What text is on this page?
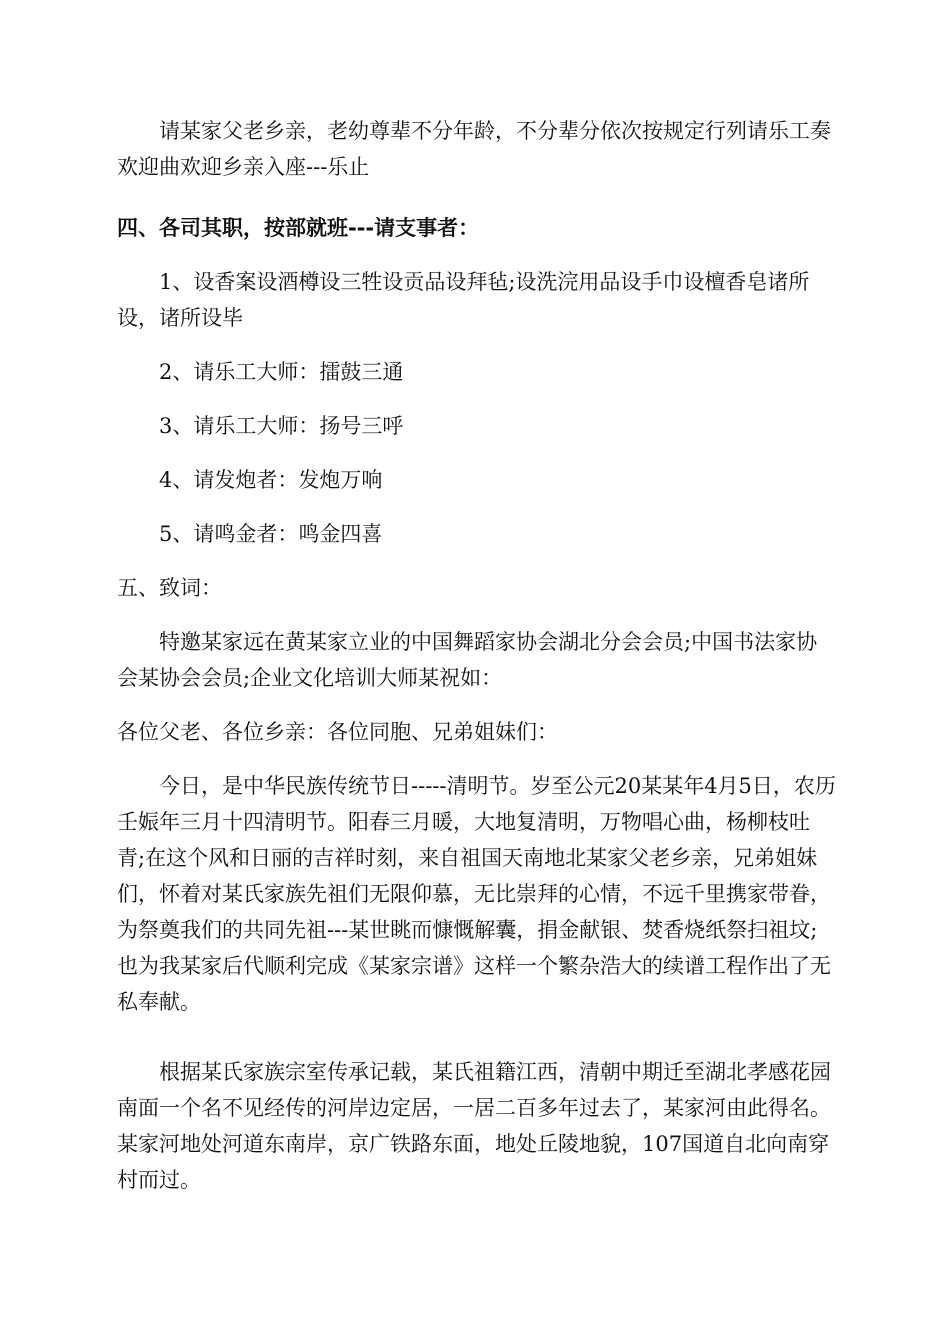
请某家父老乡亲，老幼尊辈不分年龄，不分辈分依次按规定行列请乐工奏欢迎曲欢迎乡亲入座---乐止

四、各司其职，按部就班---请支事者：

1、设香案设酒樽设三牲设贡品设拜毡;设洗浣用品设手巾设檀香皂诸所设，诸所设毕

2、请乐工大师：擂鼓三通

3、请乐工大师：扬号三呼

4、请发炮者：发炮万响

5、请鸣金者：鸣金四喜

五、致词：

特邀某家远在黄某家立业的中国舞蹈家协会湖北分会会员;中国书法家协会某协会会员;企业文化培训大师某祝如：

各位父老、各位乡亲：各位同胞、兄弟姐妹们：

今日，是中华民族传统节日-----清明节。岁至公元20某某年4月5日，农历壬娠年三月十四清明节。阳春三月暖，大地复清明，万物唱心曲，杨柳枝吐青;在这个风和日丽的吉祥时刻，来自祖国天南地北某家父老乡亲，兄弟姐妹们，怀着对某氏家族先祖们无限仰慕，无比崇拜的心情，不远千里携家带眷，为祭奠我们的共同先祖---某世眺而慷慨解囊，捐金献银、焚香烧纸祭扫祖坟;也为我某家后代顺利完成《某家宗谱》这样一个繁杂浩大的续谱工程作出了无私奉献。

根据某氏家族宗室传承记载，某氏祖籍江西，清朝中期迁至湖北孝感花园南面一个名不见经传的河岸边定居，一居二百多年过去了，某家河由此得名。某家河地处河道东南岸，京广铁路东面，地处丘陵地貌，107国道自北向南穿村而过。
